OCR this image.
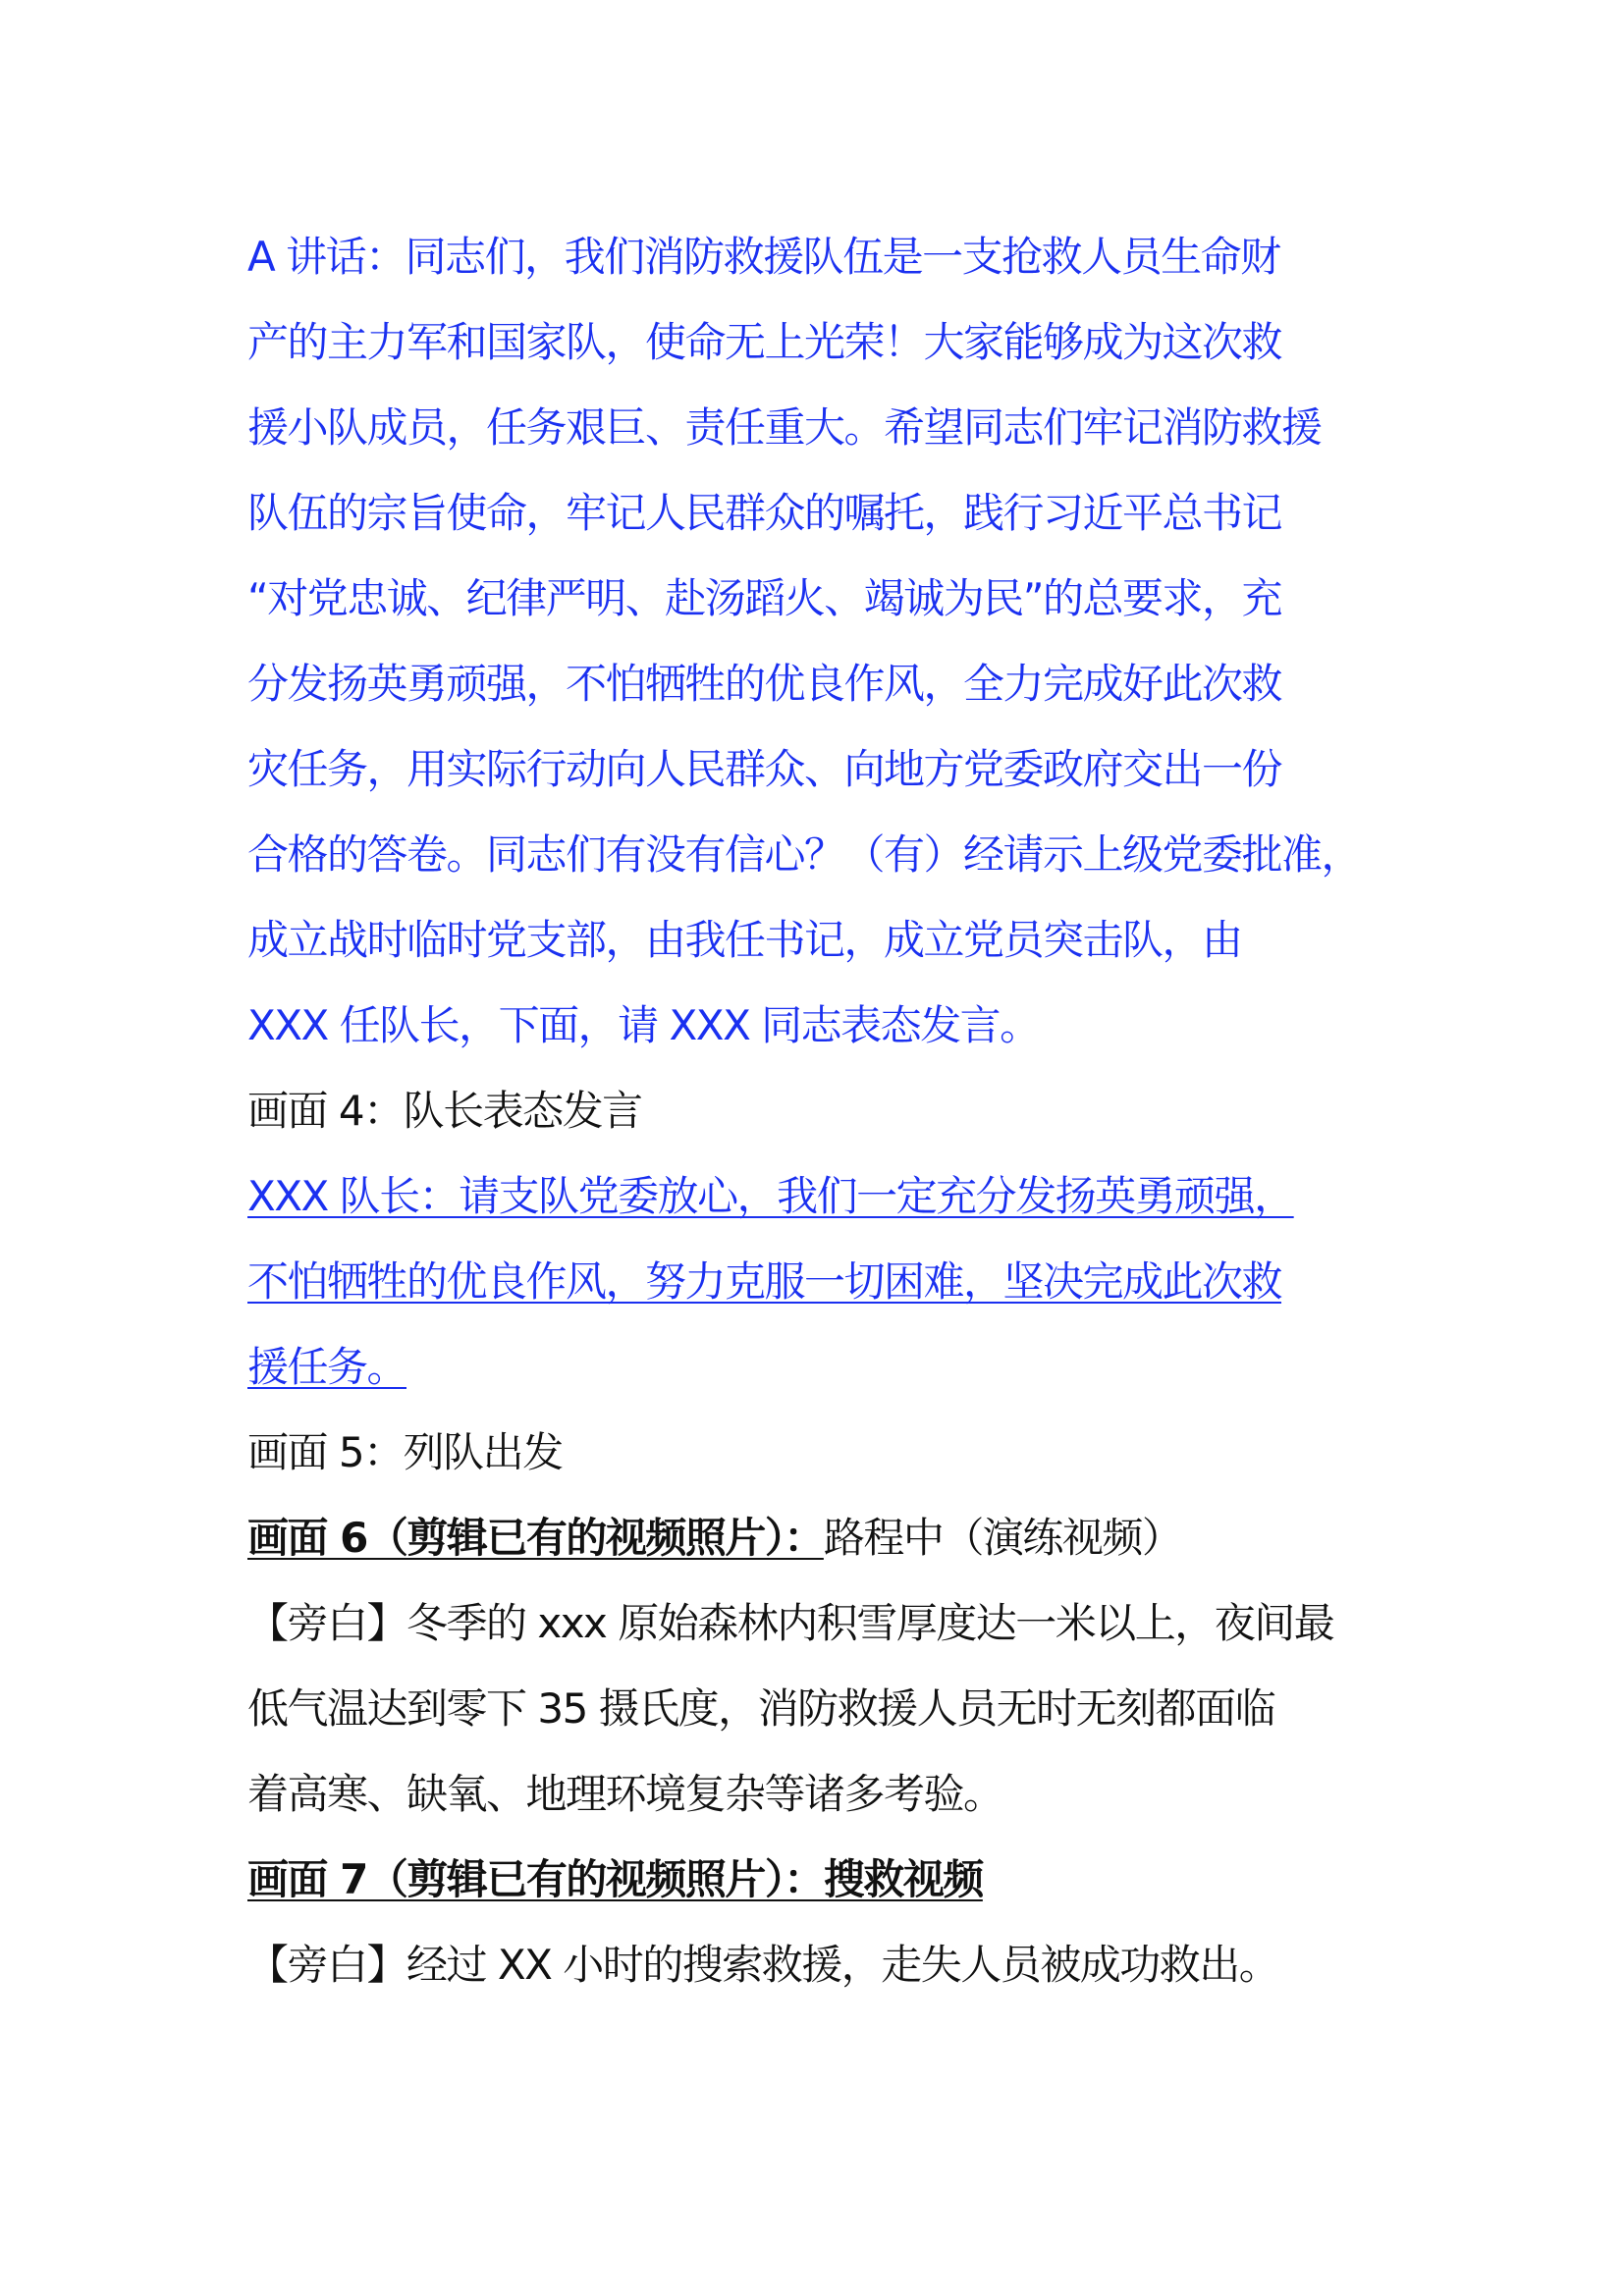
A 讲话：同志们，我们消防救援队伍是一支抢救人员生命财
产的主力军和国家队，使命无上光荣！大家能够成为这次救
援小队成员，任务艰巨、责任重大。希望同志们牢记消防救援
队伍的宗旨使命，牢记人民群众的嘱托，践行习近平总书记
“对党忠诚、纪律严明、赴汤蹈火、竭诚为民”的总要求，充
分发扬英勇顽强，不怕牺牲的优良作风，全力完成好此次救
灾任务，用实际行动向人民群众、向地方党委政府交出一份
合格的答卷。同志们有没有信心？（有）经请示上级党委批准，
成立战时临时党支部，由我任书记，成立党员突击队，由
XXX 任队长，下面，请 XXX 同志表态发言。
画面 4：队长表态发言
XXX 队长：请支队党委放心，我们一定充分发扬英勇顽强，
不怕牺牲的优良作风，努力克服一切困难，坚决完成此次救
援任务。
画面 5：列队出发
画面 6（剪辑已有的视频照片）：路程中（演练视频）
【旁白】冬季的 xxx 原始森林内积雪厚度达一米以上，夜间最
低气温达到零下 35 摄氏度，消防救援人员无时无刻都面临
着高寒、缺氧、地理环境复杂等诸多考验。
画面 7（剪辑已有的视频照片）：搜救视频
【旁白】经过 XX 小时的搜索救援，走失人员被成功救出。
